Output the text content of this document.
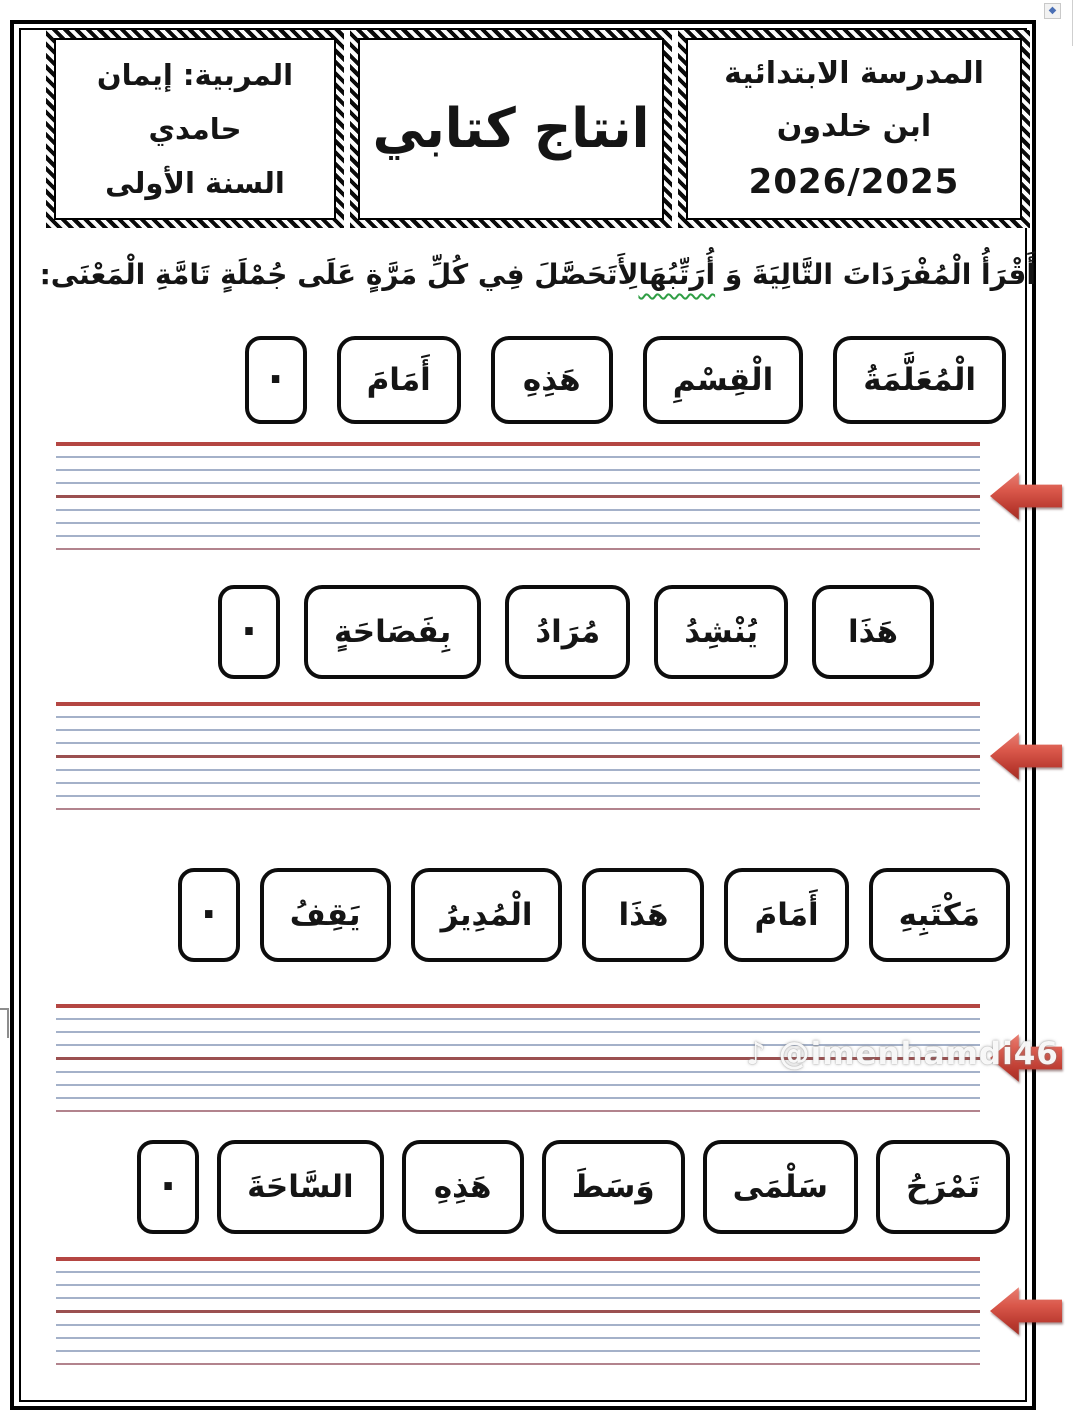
◆
المدرسة الابتدائية
ابن خلدون
2026/2025
انتاج كتابي
المربية: إيمان
حامدي
السنة الأولى
أَقْرَأُ الْمُفْرَدَاتَ التَّالِيَةَ وَ أُرَتِّبُهَالِأَتَحَصَّلَ فِي كُلِّ مَرَّةٍ عَلَى جُمْلَةٍ تَامَّةِ الْمَعْنَى:
الْمُعَلَّمَةُ
الْقِسْمِ
هَذِهِ
أَمَامَ
.
هَذَا
يُنْشِدُ
مُرَادُ
بِفَصَاحَةٍ
.
مَكْتَبِهِ
أَمَامَ
هَذَا
الْمُدِيرُ
يَقِفُ
.
♪ @imenhamdi46
تَمْرَحُ
سَلْمَى
وَسَطَ
هَذِهِ
السَّاحَةَ
.
